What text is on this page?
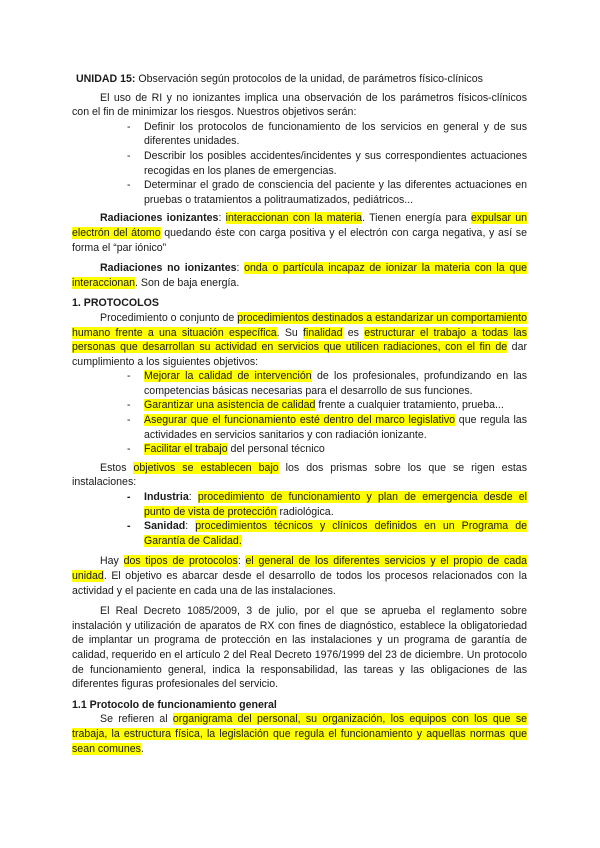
UNIDAD 15: Observación según protocolos de la unidad, de parámetros físico-clínicos

El uso de RI y no ionizantes implica una observación de los parámetros físicos-clínicos con el fin de minimizar los riesgos. Nuestros objetivos serán:

- Definir los protocolos de funcionamiento de los servicios en general y de sus diferentes unidades.
- Describir los posibles accidentes/incidentes y sus correspondientes actuaciones recogidas en los planes de emergencias.
- Determinar el grado de consciencia del paciente y las diferentes actuaciones en pruebas o tratamientos a politraumatizados, pediátricos...

Radiaciones ionizantes: interaccionan con la materia. Tienen energía para expulsar un electrón del átomo quedando éste con carga positiva y el electrón con carga negativa, y así se forma el “par iónico”

Radiaciones no ionizantes: onda o partícula incapaz de ionizar la materia con la que interaccionan. Son de baja energía.

1. PROTOCOLOS

Procedimiento o conjunto de procedimientos destinados a estandarizar un comportamiento humano frente a una situación específica. Su finalidad es estructurar el trabajo a todas las personas que desarrollan su actividad en servicios que utilicen radiaciones, con el fin de dar cumplimiento a los siguientes objetivos:

- Mejorar la calidad de intervención de los profesionales, profundizando en las competencias básicas necesarias para el desarrollo de sus funciones.
- Garantizar una asistencia de calidad frente a cualquier tratamiento, prueba...
- Asegurar que el funcionamiento esté dentro del marco legislativo que regula las actividades en servicios sanitarios y con radiación ionizante.
- Facilitar el trabajo del personal técnico

Estos objetivos se establecen bajo los dos prismas sobre los que se rigen estas instalaciones:

- Industria: procedimiento de funcionamiento y plan de emergencia desde el punto de vista de protección radiológica.
- Sanidad: procedimientos técnicos y clínicos definidos en un Programa de Garantía de Calidad.

Hay dos tipos de protocolos: el general de los diferentes servicios y el propio de cada unidad. El objetivo es abarcar desde el desarrollo de todos los procesos relacionados con la actividad y el paciente en cada una de las instalaciones.

El Real Decreto 1085/2009, 3 de julio, por el que se aprueba el reglamento sobre instalación y utilización de aparatos de RX con fines de diagnóstico, establece la obligatoriedad de implantar un programa de protección en las instalaciones y un programa de garantía de calidad, requerido en el artículo 2 del Real Decreto 1976/1999 del 23 de diciembre. Un protocolo de funcionamiento general, indica la responsabilidad, las tareas y las obligaciones de las diferentes figuras profesionales del servicio.

1.1 Protocolo de funcionamiento general

Se refieren al organigrama del personal, su organización, los equipos con los que se trabaja, la estructura física, la legislación que regula el funcionamiento y aquellas normas que sean comunes.
